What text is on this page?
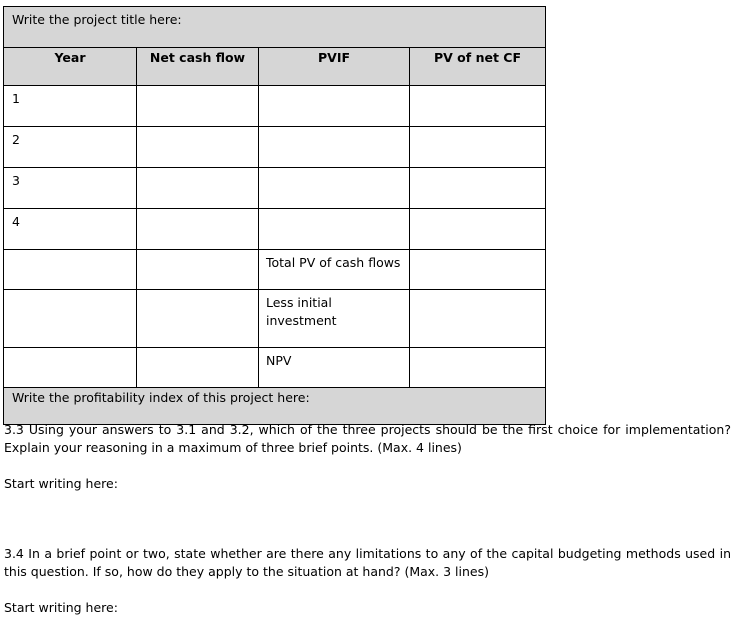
Write the project title here:			
Year	Net cash flow	PVIF	PV of net CF
1			
2			
3			
4			
		Total PV of cash flows	
		Less initial investment	
		NPV	
Write the profitability index of this project here:			

3.3 Using your answers to 3.1 and 3.2, which of the three projects should be the first choice for implementation? Explain your reasoning in a maximum of three brief points. (Max. 4 lines)

Start writing here:

3.4 In a brief point or two, state whether are there any limitations to any of the capital budgeting methods used in this question. If so, how do they apply to the situation at hand? (Max. 3 lines)

Start writing here:
